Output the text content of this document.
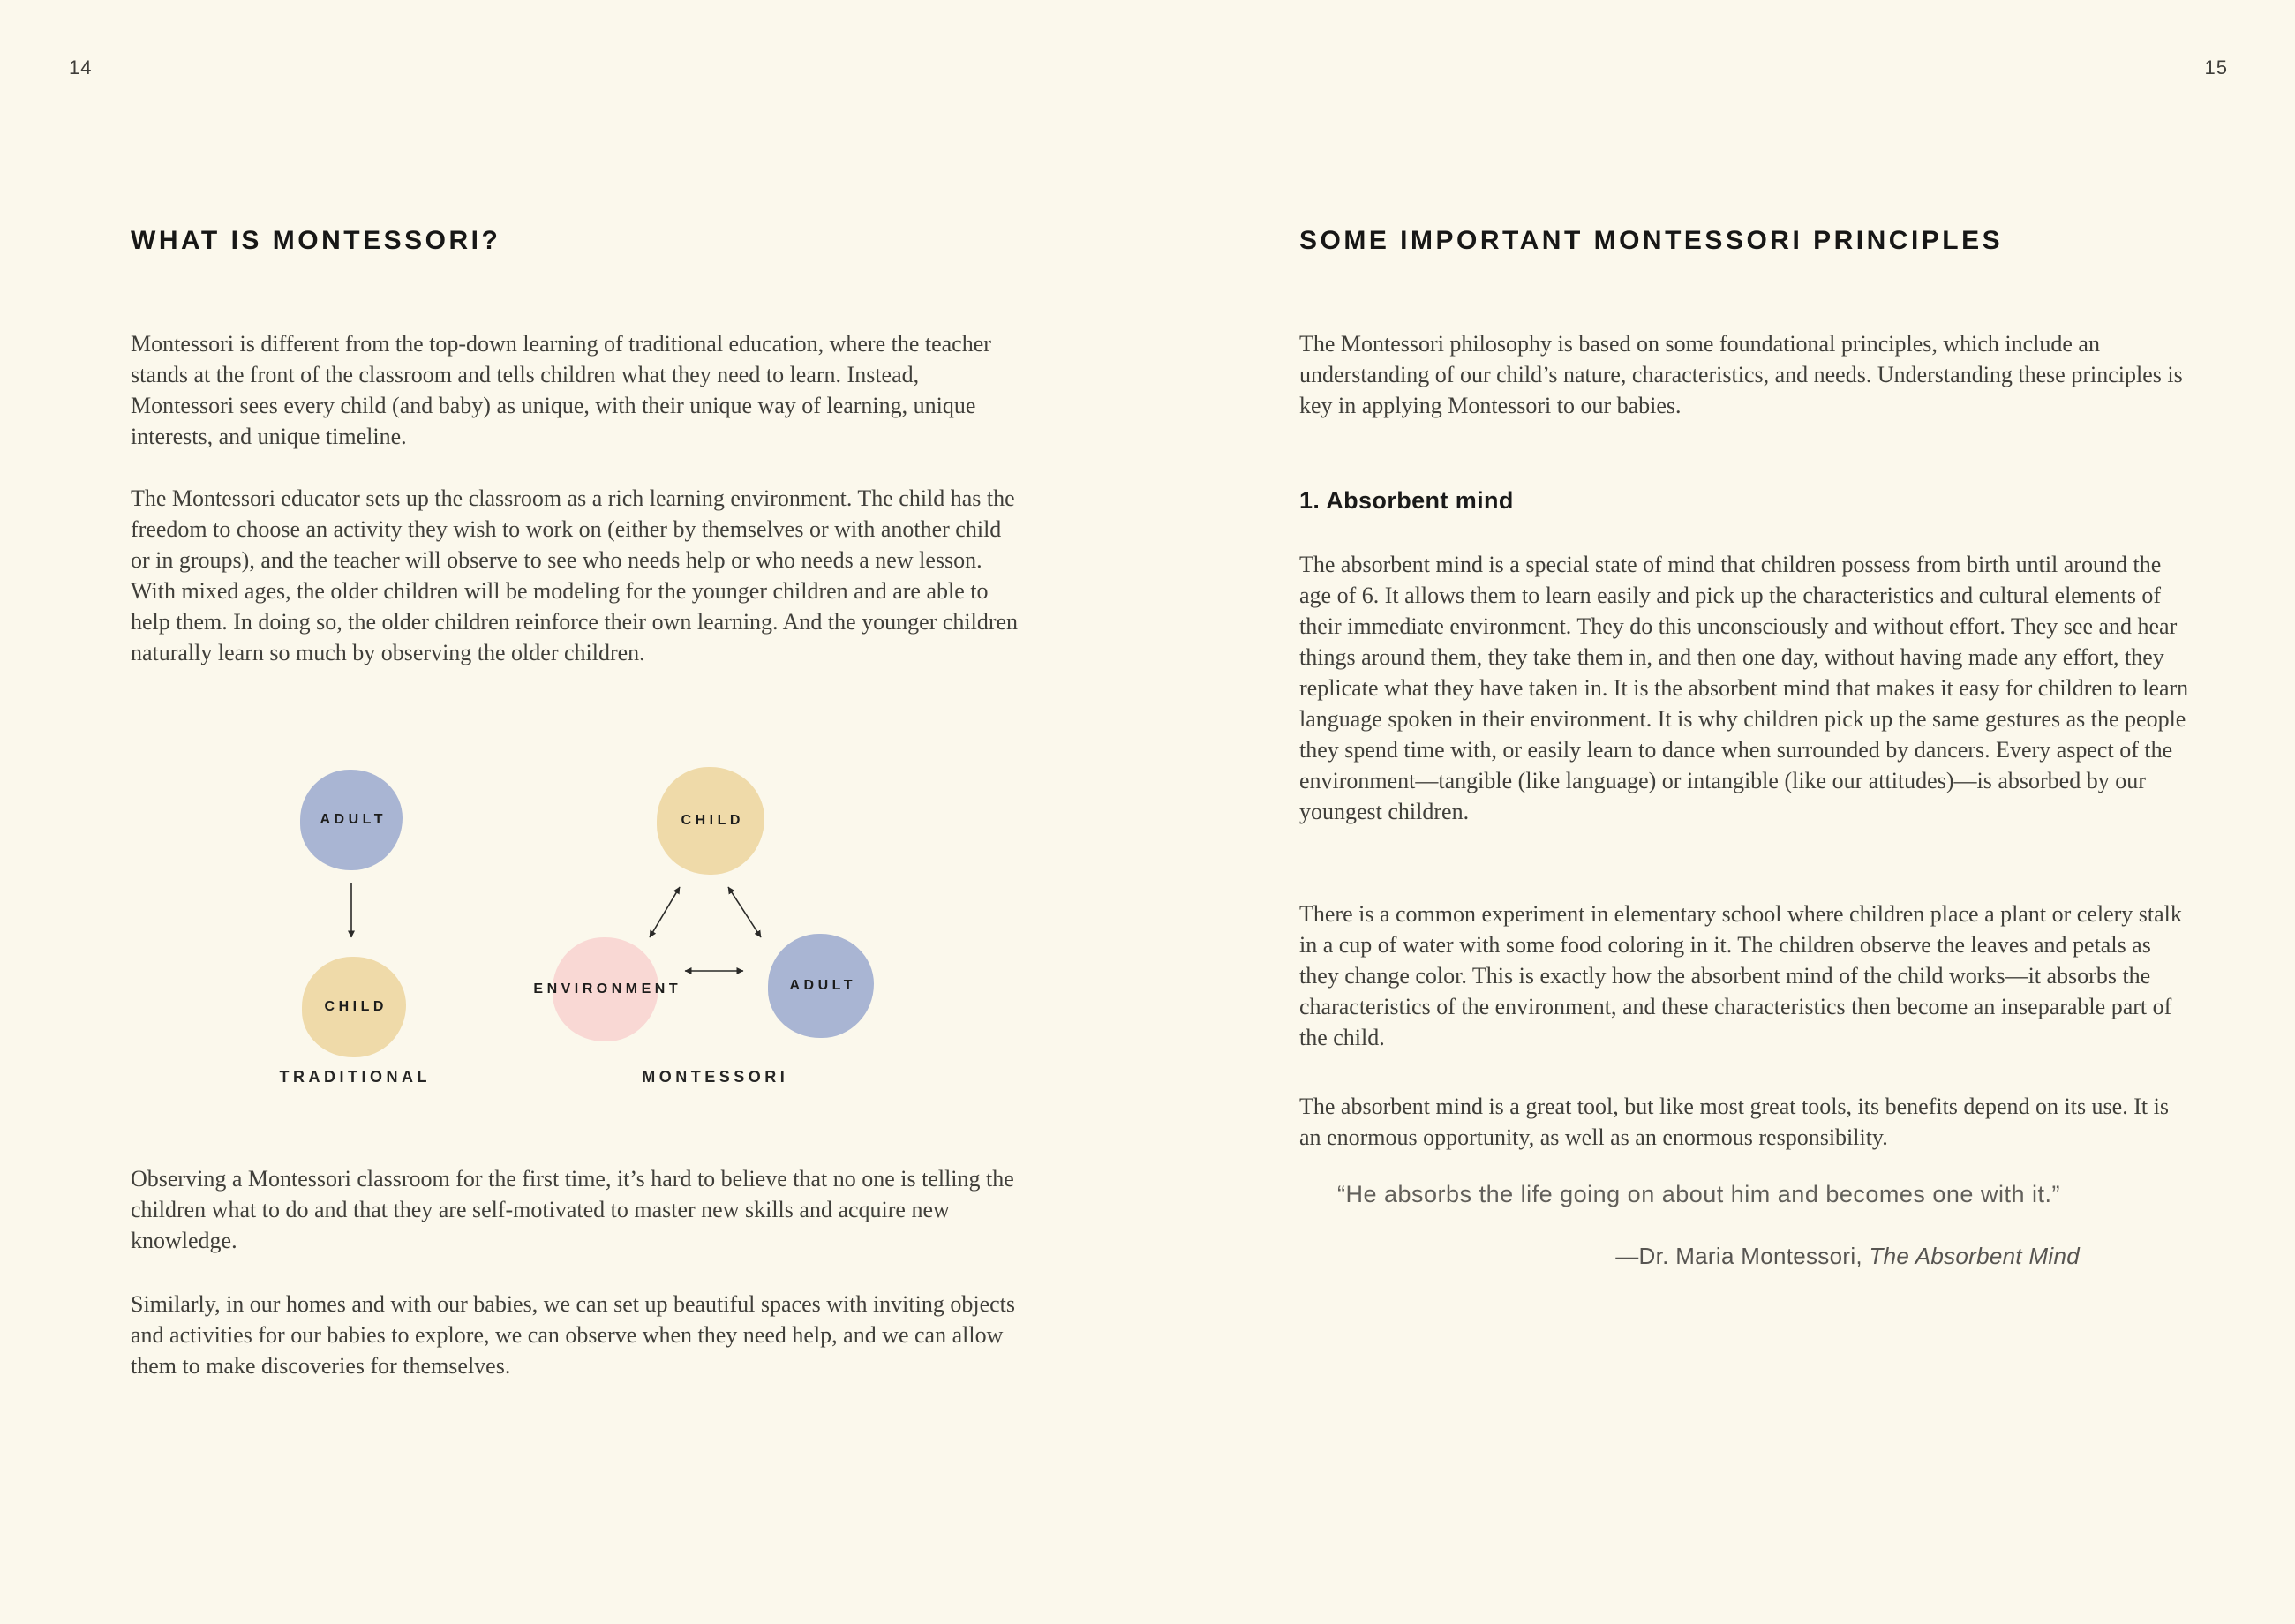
14
WHAT IS MONTESSORI?

Montessori is different from the top-down learning of traditional education, where the teacher stands at the front of the classroom and tells children what they need to learn. Instead, Montessori sees every child (and baby) as unique, with their unique way of learning, unique interests, and unique timeline.

The Montessori educator sets up the classroom as a rich learning environment. The child has the freedom to choose an activity they wish to work on (either by themselves or with another child or in groups), and the teacher will observe to see who needs help or who needs a new lesson. With mixed ages, the older children will be modeling for the younger children and are able to help them. In doing so, the older children reinforce their own learning. And the younger children naturally learn so much by observing the older children.

ADULT
CHILD
CHILD
ENVIRONMENT	ADULT
TRADITIONAL	MONTESSORI

Observing a Montessori classroom for the first time, it’s hard to believe that no one is telling the children what to do and that they are self-motivated to master new skills and acquire new knowledge.

Similarly, in our homes and with our babies, we can set up beautiful spaces with inviting objects and activities for our babies to explore, we can observe when they need help, and we can allow them to make discoveries for themselves.

15
SOME IMPORTANT MONTESSORI PRINCIPLES

The Montessori philosophy is based on some foundational principles, which include an understanding of our child’s nature, characteristics, and needs. Understanding these principles is key in applying Montessori to our babies.

1. Absorbent mind

The absorbent mind is a special state of mind that children possess from birth until around the age of 6. It allows them to learn easily and pick up the characteristics and cultural elements of their immediate environment. They do this unconsciously and without effort. They see and hear things around them, they take them in, and then one day, without having made any effort, they replicate what they have taken in. It is the absorbent mind that makes it easy for children to learn language spoken in their environment. It is why children pick up the same gestures as the people they spend time with, or easily learn to dance when surrounded by dancers. Every aspect of the environment—tangible (like language) or intangible (like our attitudes)—is absorbed by our youngest children.

There is a common experiment in elementary school where children place a plant or celery stalk in a cup of water with some food coloring in it. The children observe the leaves and petals as they change color. This is exactly how the absorbent mind of the child works—it absorbs the characteristics of the environment, and these characteristics then become an inseparable part of the child.

The absorbent mind is a great tool, but like most great tools, its benefits depend on its use. It is an enormous opportunity, as well as an enormous responsibility.

“He absorbs the life going on about him and becomes one with it.”

—Dr. Maria Montessori, The Absorbent Mind
